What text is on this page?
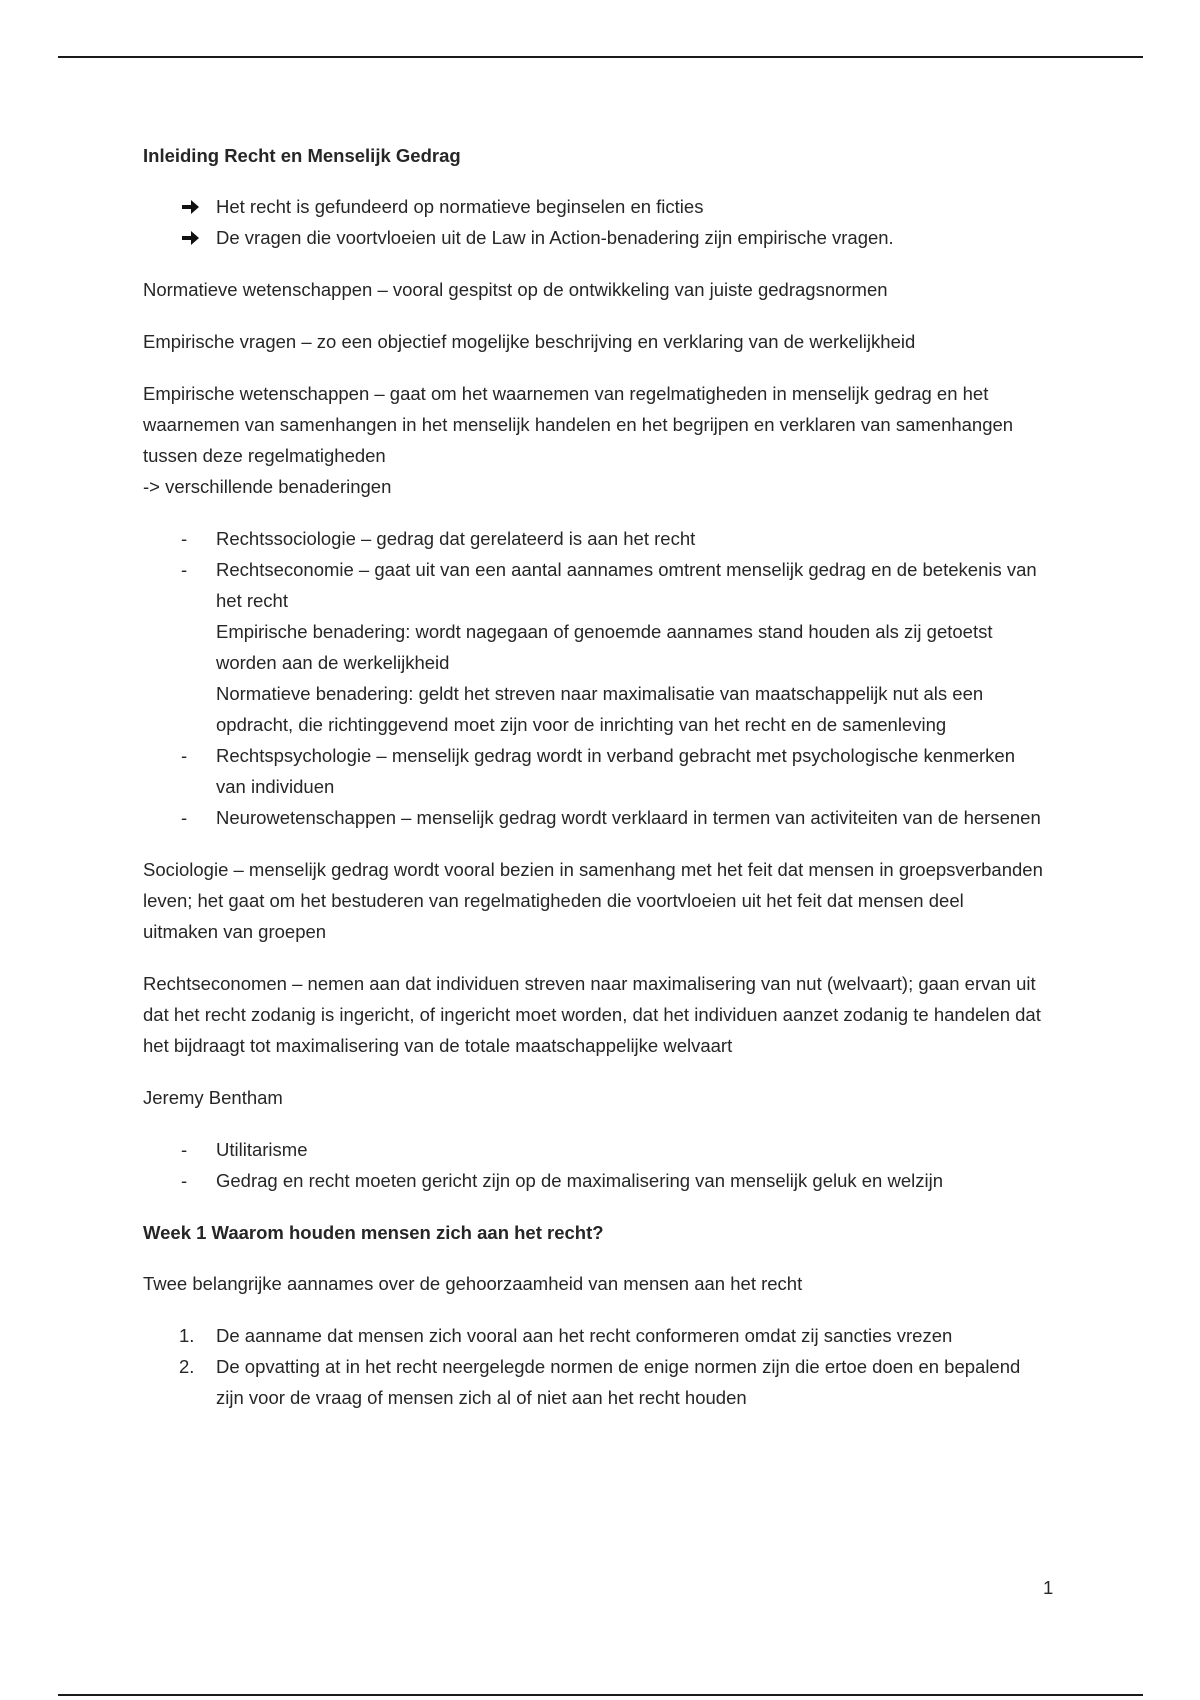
Inleiding Recht en Menselijk Gedrag

Het recht is gefundeerd op normatieve beginselen en ficties
De vragen die voortvloeien uit de Law in Action-benadering zijn empirische vragen.

Normatieve wetenschappen – vooral gespitst op de ontwikkeling van juiste gedragsnormen

Empirische vragen – zo een objectief mogelijke beschrijving en verklaring van de werkelijkheid

Empirische wetenschappen – gaat om het waarnemen van regelmatigheden in menselijk gedrag en het waarnemen van samenhangen in het menselijk handelen en het begrijpen en verklaren van samenhangen tussen deze regelmatigheden
-> verschillende benaderingen

- Rechtssociologie – gedrag dat gerelateerd is aan het recht
- Rechtseconomie – gaat uit van een aantal aannames omtrent menselijk gedrag en de betekenis van het recht
Empirische benadering: wordt nagegaan of genoemde aannames stand houden als zij getoetst worden aan de werkelijkheid
Normatieve benadering: geldt het streven naar maximalisatie van maatschappelijk nut als een opdracht, die richtinggevend moet zijn voor de inrichting van het recht en de samenleving
- Rechtspsychologie – menselijk gedrag wordt in verband gebracht met psychologische kenmerken van individuen
- Neurowetenschappen – menselijk gedrag wordt verklaard in termen van activiteiten van de hersenen

Sociologie – menselijk gedrag wordt vooral bezien in samenhang met het feit dat mensen in groepsverbanden leven; het gaat om het bestuderen van regelmatigheden die voortvloeien uit het feit dat mensen deel uitmaken van groepen

Rechtseconomen – nemen aan dat individuen streven naar maximalisering van nut (welvaart); gaan ervan uit dat het recht zodanig is ingericht, of ingericht moet worden, dat het individuen aanzet zodanig te handelen dat het bijdraagt tot maximalisering van de totale maatschappelijke welvaart

Jeremy Bentham

- Utilitarisme
- Gedrag en recht moeten gericht zijn op de maximalisering van menselijk geluk en welzijn

Week 1 Waarom houden mensen zich aan het recht?

Twee belangrijke aannames over de gehoorzaamheid van mensen aan het recht

1. De aanname dat mensen zich vooral aan het recht conformeren omdat zij sancties vrezen
2. De opvatting at in het recht neergelegde normen de enige normen zijn die ertoe doen en bepalend zijn voor de vraag of mensen zich al of niet aan het recht houden
1
